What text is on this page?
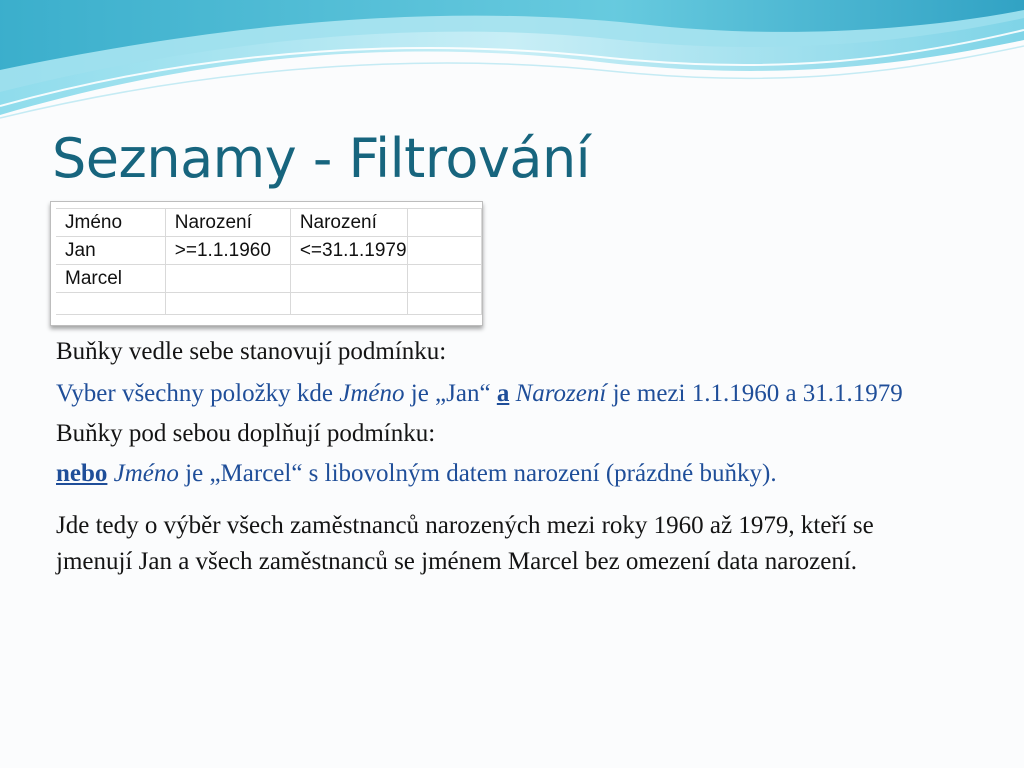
Seznamy - Filtrování
Jméno	Narození	Narození	
Jan	>=1.1.1960	<=31.1.1979	
Marcel			

Buňky vedle sebe stanovují podmínku:

Vyber všechny položky kde Jméno je „Jan“ a Narození je mezi 1.1.1960 a 31.1.1979

Buňky pod sebou doplňují podmínku:

nebo Jméno je „Marcel“ s libovolným datem narození (prázdné buňky).

Jde tedy o výběr všech zaměstnanců narozených mezi roky 1960 až 1979, kteří se jmenují Jan a všech zaměstnanců se jménem Marcel bez omezení data narození.
